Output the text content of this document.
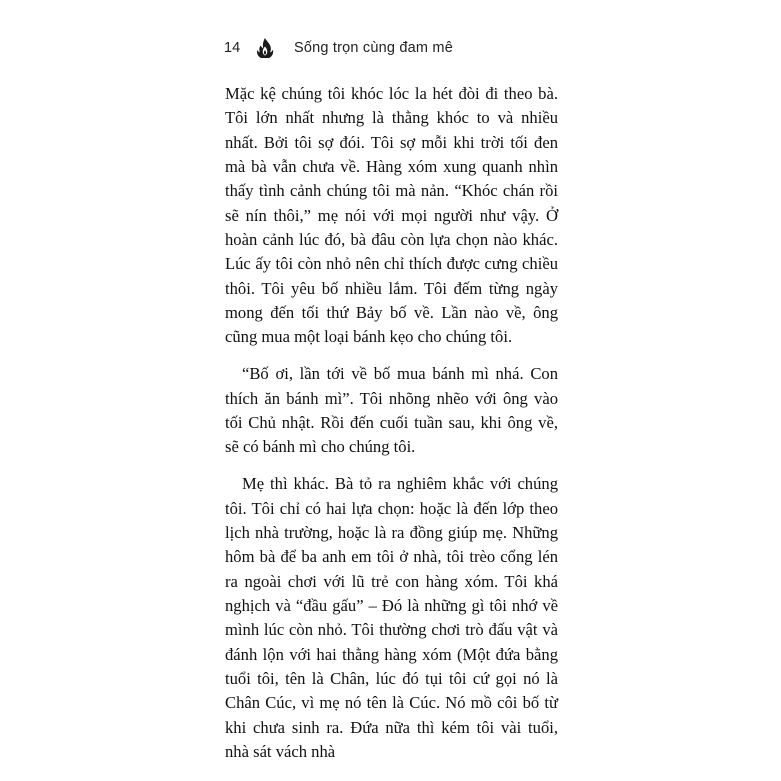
14	Sống trọn cùng đam mê

Mặc kệ chúng tôi khóc lóc la hét đòi đi theo bà. Tôi lớn nhất nhưng là thằng khóc to và nhiều nhất. Bởi tôi sợ đói. Tôi sợ mỗi khi trời tối đen mà bà vẫn chưa về. Hàng xóm xung quanh nhìn thấy tình cảnh chúng tôi mà nản. “Khóc chán rồi sẽ nín thôi,” mẹ nói với mọi người như vậy. Ở hoàn cảnh lúc đó, bà đâu còn lựa chọn nào khác. Lúc ấy tôi còn nhỏ nên chỉ thích được cưng chiều thôi. Tôi yêu bố nhiều lắm. Tôi đếm từng ngày mong đến tối thứ Bảy bố về. Lần nào về, ông cũng mua một loại bánh kẹo cho chúng tôi.

“Bố ơi, lần tới về bố mua bánh mì nhá. Con thích ăn bánh mì”. Tôi nhõng nhẽo với ông vào tối Chủ nhật. Rồi đến cuối tuần sau, khi ông về, sẽ có bánh mì cho chúng tôi.

Mẹ thì khác. Bà tỏ ra nghiêm khắc với chúng tôi. Tôi chỉ có hai lựa chọn: hoặc là đến lớp theo lịch nhà trường, hoặc là ra đồng giúp mẹ. Những hôm bà để ba anh em tôi ở nhà, tôi trèo cổng lén ra ngoài chơi với lũ trẻ con hàng xóm. Tôi khá nghịch và “đầu gấu” – Đó là những gì tôi nhớ về mình lúc còn nhỏ. Tôi thường chơi trò đấu vật và đánh lộn với hai thằng hàng xóm (Một đứa bằng tuổi tôi, tên là Chân, lúc đó tụi tôi cứ gọi nó là Chân Cúc, vì mẹ nó tên là Cúc. Nó mồ côi bố từ khi chưa sinh ra. Đứa nữa thì kém tôi vài tuổi, nhà sát vách nhà
